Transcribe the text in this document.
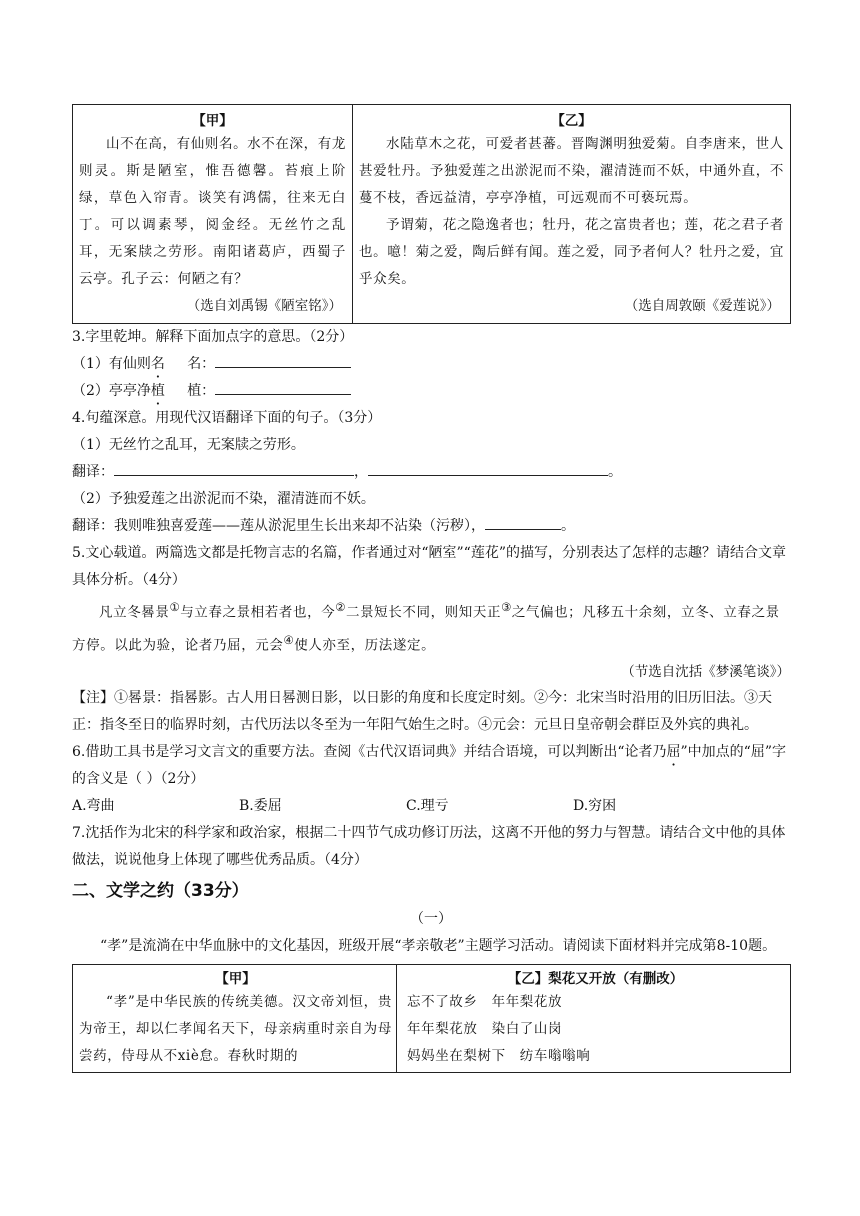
【甲】
山不在高，有仙则名。水不在深，有龙则灵。斯是陋室，惟吾德馨。苔痕上阶绿，草色入帘青。谈笑有鸿儒，往来无白丁。可以调素琴，阅金经。无丝竹之乱耳，无案牍之劳形。南阳诸葛庐，西蜀子云亭。孔子云：何陋之有？
（选自刘禹锡《陋室铭》）

【乙】
水陆草木之花，可爱者甚蕃。晋陶渊明独爱菊。自李唐来，世人甚爱牡丹。予独爱莲之出淤泥而不染，濯清涟而不妖，中通外直，不蔓不枝，香远益清，亭亭净植，可远观而不可亵玩焉。
予谓菊，花之隐逸者也；牡丹，花之富贵者也；莲，花之君子者也。噫！菊之爱，陶后鲜有闻。莲之爱，同予者何人？牡丹之爱，宜乎众矣。
（选自周敦颐《爱莲说》）

3.字里乾坤。解释下面加点字的意思。（2分）

（1）有仙则名 名：

（2）亭亭净植 植：

4.句蕴深意。用现代汉语翻译下面的句子。（3分）

（1）无丝竹之乱耳，无案牍之劳形。

翻译：	，	。

（2）予独爱莲之出淤泥而不染，濯清涟而不妖。

翻译：我则唯独喜爱莲——莲从淤泥里生长出来却不沾染（污秽），	。

5.文心载道。两篇选文都是托物言志的名篇，作者通过对“陋室”“莲花”的描写，分别表达了怎样的志趣？请结合文章具体分析。（4分）

凡立冬晷景①与立春之景相若者也，今②二景短长不同，则知天正③之气偏也；凡移五十余刻，立冬、立春之景方停。以此为验，论者乃屈，元会④使人亦至，历法遂定。

（节选自沈括《梦溪笔谈》）

【注】①晷景：指晷影。古人用日晷测日影，以日影的角度和长度定时刻。②今：北宋当时沿用的旧历旧法。③天正：指冬至日的临界时刻，古代历法以冬至为一年阳气始生之时。④元会：元旦日皇帝朝会群臣及外宾的典礼。

6.借助工具书是学习文言文的重要方法。查阅《古代汉语词典》并结合语境，可以判断出“论者乃屈”中加点的“屈”字的含义是（ ）（2分）

A.弯曲	B.委屈	C.理亏	D.穷困

7.沈括作为北宋的科学家和政治家，根据二十四节气成功修订历法，这离不开他的努力与智慧。请结合文中他的具体做法，说说他身上体现了哪些优秀品质。（4分）

二、文学之约（33分）
（一）

“孝”是流淌在中华血脉中的文化基因，班级开展“孝亲敬老”主题学习活动。请阅读下面材料并完成第8-10题。

【甲】
“孝”是中华民族的传统美德。汉文帝刘恒，贵为帝王，却以仁孝闻名天下，母亲病重时亲自为母尝药，侍母从不xiè怠。春秋时期的

【乙】梨花又开放（有删改）
忘不了故乡　年年梨花放
年年梨花放　染白了山岗
妈妈坐在梨树下　纺车嗡嗡响
